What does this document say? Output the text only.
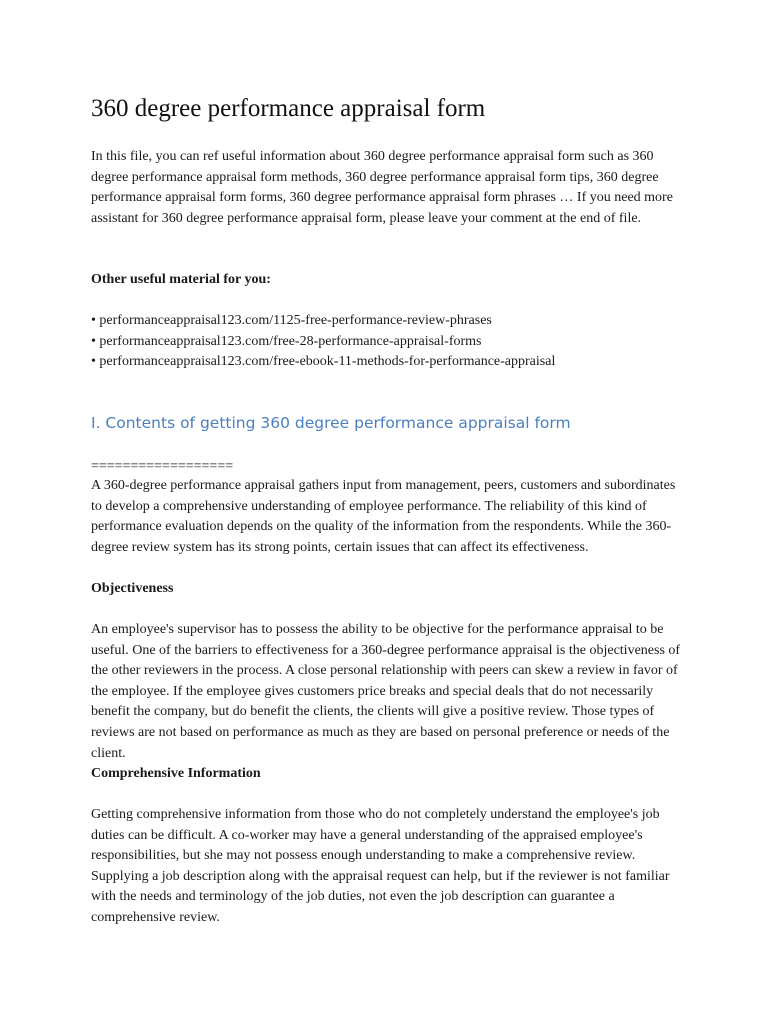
360 degree performance appraisal form

In this file, you can ref useful information about 360 degree performance appraisal form such as 360 degree performance appraisal form methods, 360 degree performance appraisal form tips, 360 degree performance appraisal form forms, 360 degree performance appraisal form phrases … If you need more assistant for 360 degree performance appraisal form, please leave your comment at the end of file.

Other useful material for you:
• performanceappraisal123.com/1125-free-performance-review-phrases
• performanceappraisal123.com/free-28-performance-appraisal-forms
• performanceappraisal123.com/free-ebook-11-methods-for-performance-appraisal
I. Contents of getting 360 degree performance appraisal form
==================

A 360-degree performance appraisal gathers input from management, peers, customers and subordinates to develop a comprehensive understanding of employee performance. The reliability of this kind of performance evaluation depends on the quality of the information from the respondents. While the 360-degree review system has its strong points, certain issues that can affect its effectiveness.

Objectiveness

An employee's supervisor has to possess the ability to be objective for the performance appraisal to be useful. One of the barriers to effectiveness for a 360-degree performance appraisal is the objectiveness of the other reviewers in the process. A close personal relationship with peers can skew a review in favor of the employee. If the employee gives customers price breaks and special deals that do not necessarily benefit the company, but do benefit the clients, the clients will give a positive review. Those types of reviews are not based on performance as much as they are based on personal preference or needs of the client.

Comprehensive Information

Getting comprehensive information from those who do not completely understand the employee's job duties can be difficult. A co-worker may have a general understanding of the appraised employee's responsibilities, but she may not possess enough understanding to make a comprehensive review. Supplying a job description along with the appraisal request can help, but if the reviewer is not familiar with the needs and terminology of the job duties, not even the job description can guarantee a comprehensive review.
